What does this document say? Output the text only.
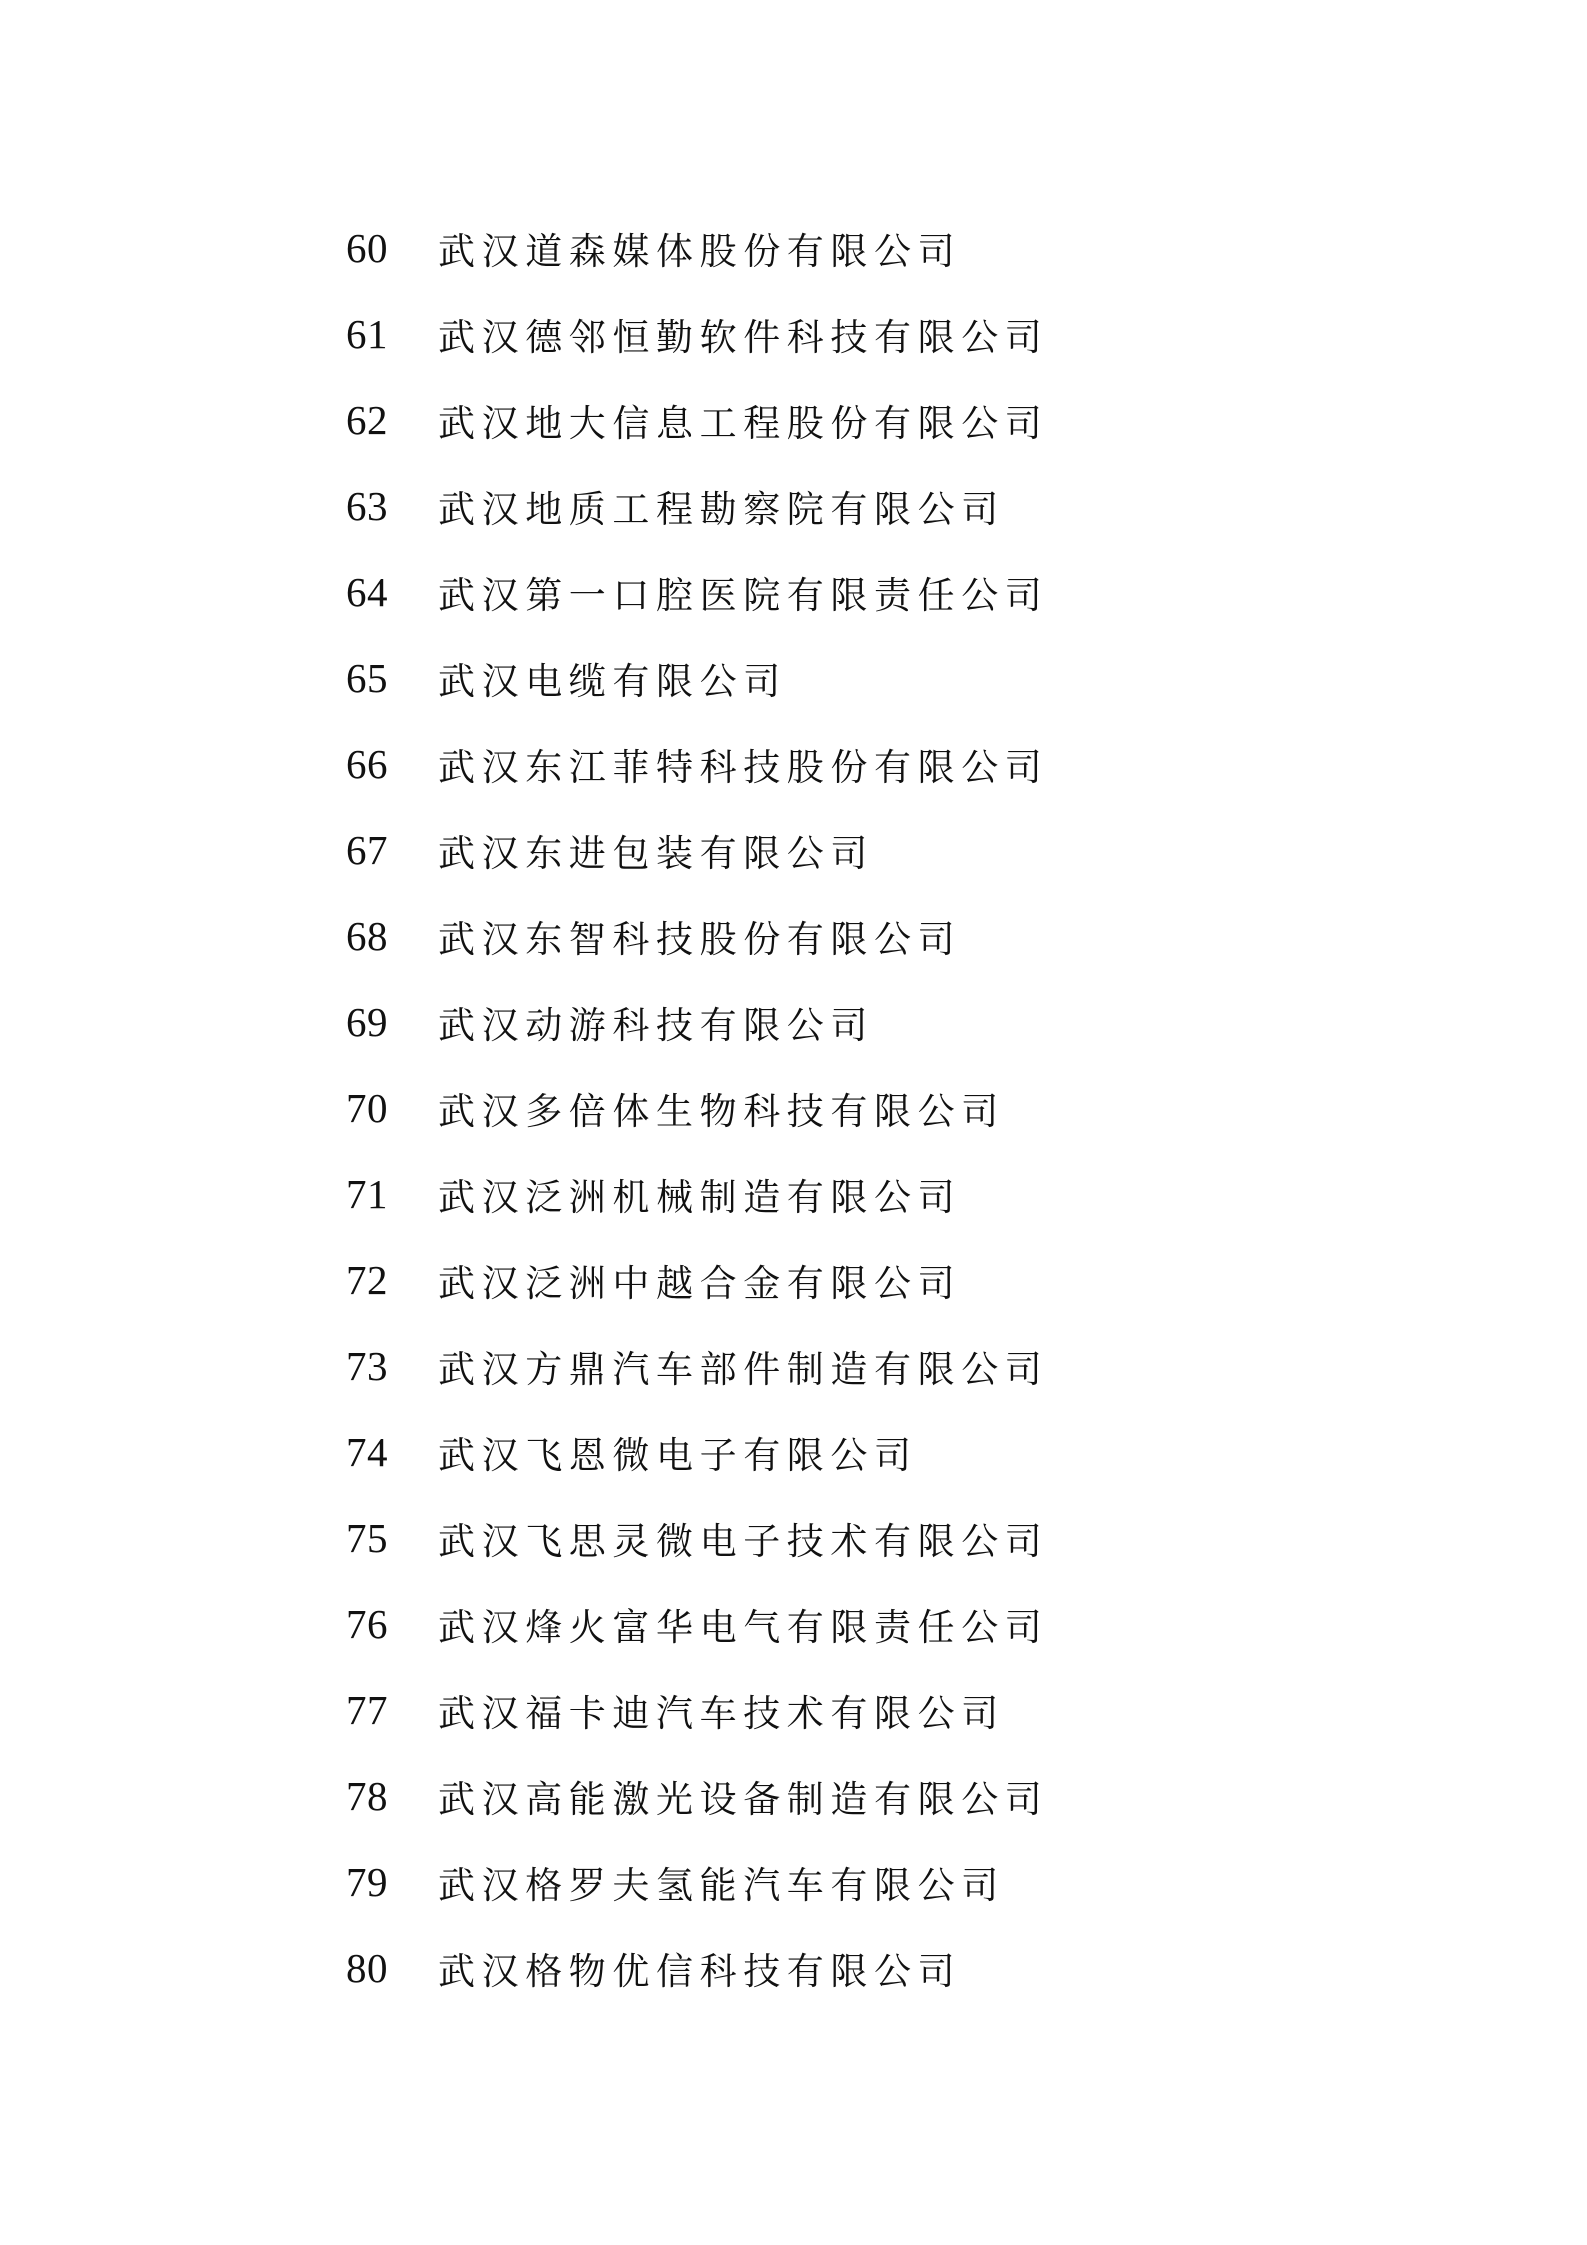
60	武汉道森媒体股份有限公司
61	武汉德邻恒勤软件科技有限公司
62	武汉地大信息工程股份有限公司
63	武汉地质工程勘察院有限公司
64	武汉第一口腔医院有限责任公司
65	武汉电缆有限公司
66	武汉东江菲特科技股份有限公司
67	武汉东进包装有限公司
68	武汉东智科技股份有限公司
69	武汉动游科技有限公司
70	武汉多倍体生物科技有限公司
71	武汉泛洲机械制造有限公司
72	武汉泛洲中越合金有限公司
73	武汉方鼎汽车部件制造有限公司
74	武汉飞恩微电子有限公司
75	武汉飞思灵微电子技术有限公司
76	武汉烽火富华电气有限责任公司
77	武汉福卡迪汽车技术有限公司
78	武汉高能激光设备制造有限公司
79	武汉格罗夫氢能汽车有限公司
80	武汉格物优信科技有限公司
